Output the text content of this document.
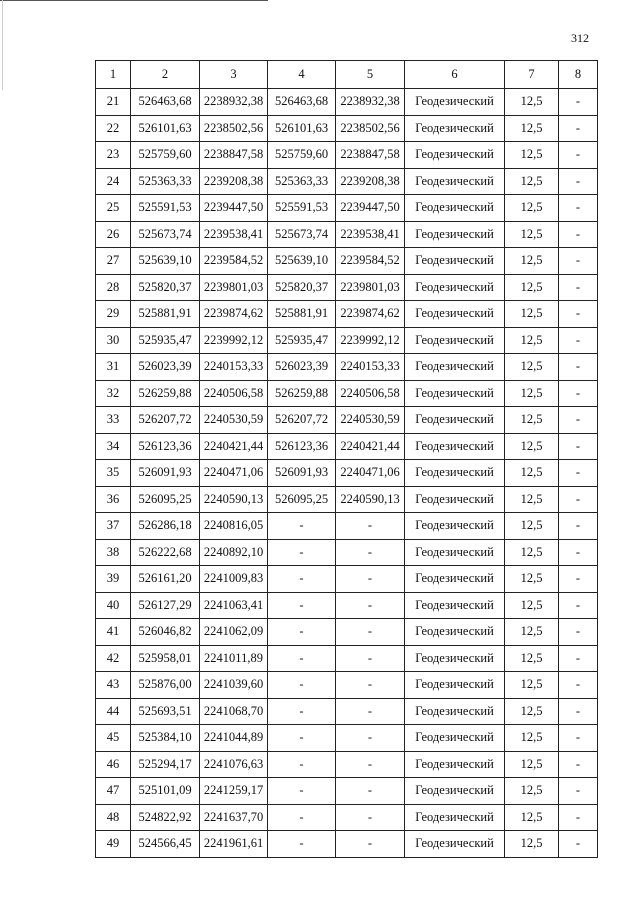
312
1	2	3	4	5	6	7	8
21	526463,68	2238932,38	526463,68	2238932,38	Геодезический	12,5	-
22	526101,63	2238502,56	526101,63	2238502,56	Геодезический	12,5	-
23	525759,60	2238847,58	525759,60	2238847,58	Геодезический	12,5	-
24	525363,33	2239208,38	525363,33	2239208,38	Геодезический	12,5	-
25	525591,53	2239447,50	525591,53	2239447,50	Геодезический	12,5	-
26	525673,74	2239538,41	525673,74	2239538,41	Геодезический	12,5	-
27	525639,10	2239584,52	525639,10	2239584,52	Геодезический	12,5	-
28	525820,37	2239801,03	525820,37	2239801,03	Геодезический	12,5	-
29	525881,91	2239874,62	525881,91	2239874,62	Геодезический	12,5	-
30	525935,47	2239992,12	525935,47	2239992,12	Геодезический	12,5	-
31	526023,39	2240153,33	526023,39	2240153,33	Геодезический	12,5	-
32	526259,88	2240506,58	526259,88	2240506,58	Геодезический	12,5	-
33	526207,72	2240530,59	526207,72	2240530,59	Геодезический	12,5	-
34	526123,36	2240421,44	526123,36	2240421,44	Геодезический	12,5	-
35	526091,93	2240471,06	526091,93	2240471,06	Геодезический	12,5	-
36	526095,25	2240590,13	526095,25	2240590,13	Геодезический	12,5	-
37	526286,18	2240816,05	-	-	Геодезический	12,5	-
38	526222,68	2240892,10	-	-	Геодезический	12,5	-
39	526161,20	2241009,83	-	-	Геодезический	12,5	-
40	526127,29	2241063,41	-	-	Геодезический	12,5	-
41	526046,82	2241062,09	-	-	Геодезический	12,5	-
42	525958,01	2241011,89	-	-	Геодезический	12,5	-
43	525876,00	2241039,60	-	-	Геодезический	12,5	-
44	525693,51	2241068,70	-	-	Геодезический	12,5	-
45	525384,10	2241044,89	-	-	Геодезический	12,5	-
46	525294,17	2241076,63	-	-	Геодезический	12,5	-
47	525101,09	2241259,17	-	-	Геодезический	12,5	-
48	524822,92	2241637,70	-	-	Геодезический	12,5	-
49	524566,45	2241961,61	-	-	Геодезический	12,5	-
